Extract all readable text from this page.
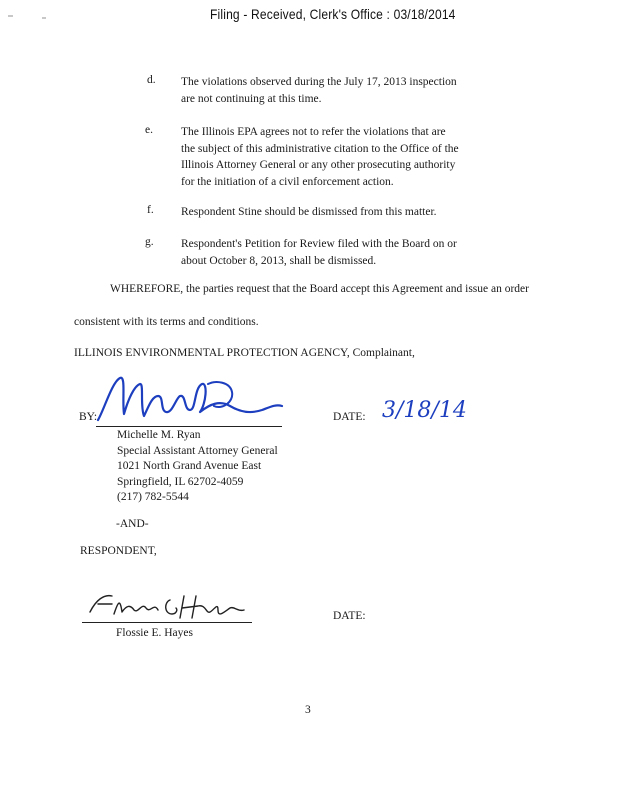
Filing - Received, Clerk's Office : 03/18/2014
d. The violations observed during the July 17, 2013 inspection
are not continuing at this time.
e. The Illinois EPA agrees not to refer the violations that are
the subject of this administrative citation to the Office of the
Illinois Attorney General or any other prosecuting authority
for the initiation of a civil enforcement action.
f. Respondent Stine should be dismissed from this matter.
g. Respondent's Petition for Review filed with the Board on or
about October 8, 2013, shall be dismissed.
WHEREFORE, the parties request that the Board accept this Agreement and issue an order
consistent with its terms and conditions.
ILLINOIS ENVIRONMENTAL PROTECTION AGENCY, Complainant,
BY:	DATE: 3/18/14
Michelle M. Ryan
Special Assistant Attorney General
1021 North Grand Avenue East
Springfield, IL 62702-4059
(217) 782-5544
-AND-
RESPONDENT,
DATE:
Flossie E. Hayes
3
